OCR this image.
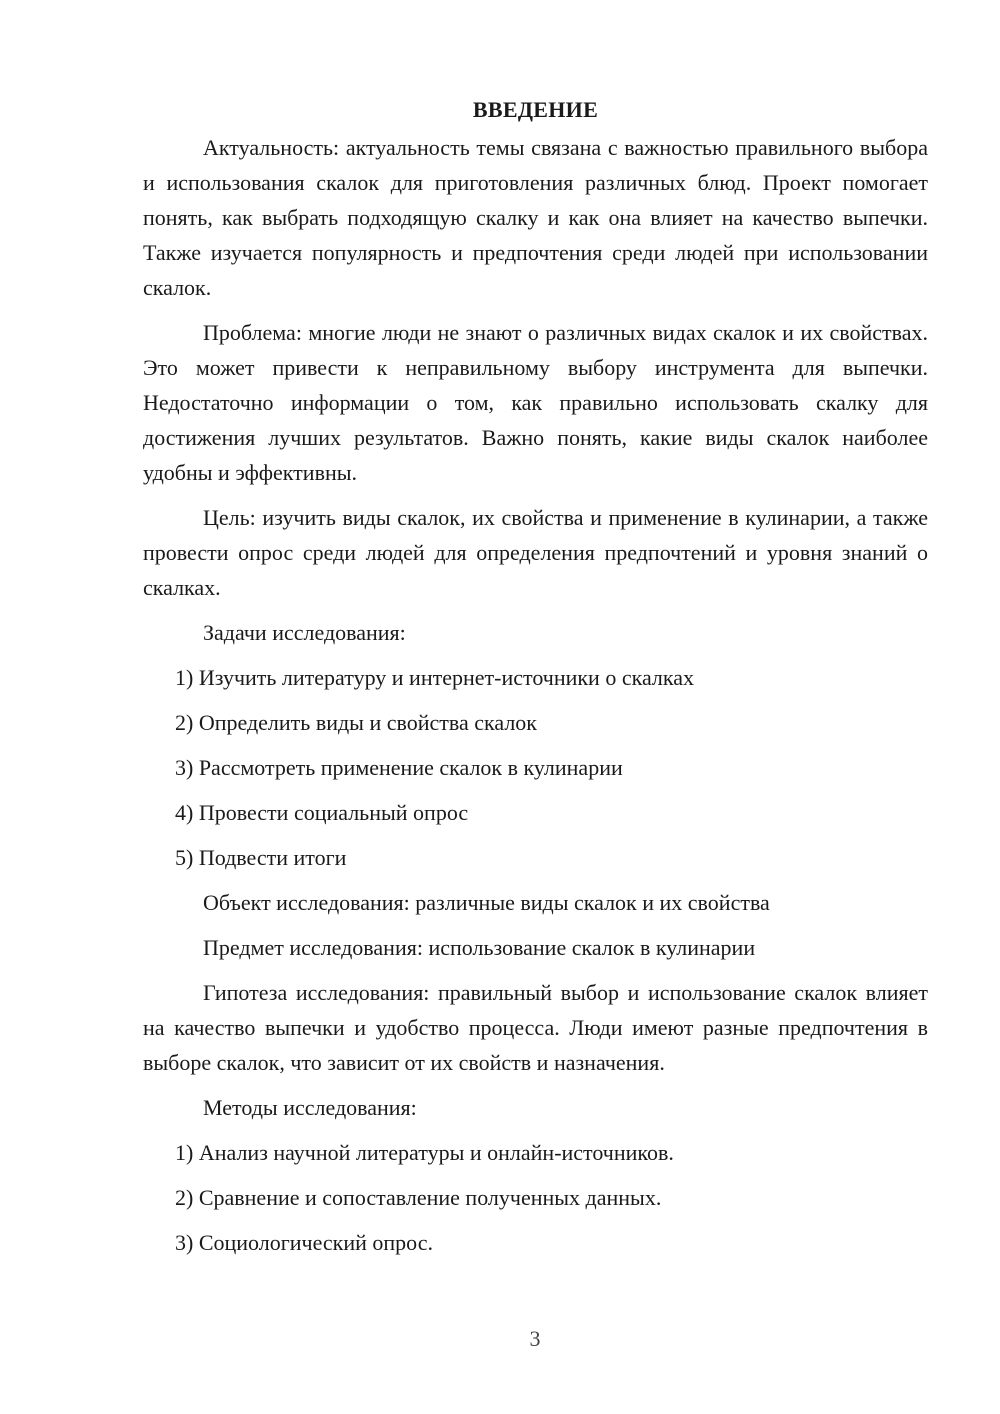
ВВЕДЕНИЕ

Актуальность: актуальность темы связана с важностью правильного выбора и использования скалок для приготовления различных блюд. Проект помогает понять, как выбрать подходящую скалку и как она влияет на качество выпечки. Также изучается популярность и предпочтения среди людей при использовании скалок.

Проблема: многие люди не знают о различных видах скалок и их свойствах. Это может привести к неправильному выбору инструмента для выпечки. Недостаточно информации о том, как правильно использовать скалку для достижения лучших результатов. Важно понять, какие виды скалок наиболее удобны и эффективны.

Цель: изучить виды скалок, их свойства и применение в кулинарии, а также провести опрос среди людей для определения предпочтений и уровня знаний о скалках.

Задачи исследования:
1) Изучить литературу и интернет-источники о скалках
2) Определить виды и свойства скалок
3) Рассмотреть применение скалок в кулинарии
4) Провести социальный опрос
5) Подвести итоги
Объект исследования: различные виды скалок и их свойства
Предмет исследования: использование скалок в кулинарии

Гипотеза исследования: правильный выбор и использование скалок влияет на качество выпечки и удобство процесса. Люди имеют разные предпочтения в выборе скалок, что зависит от их свойств и назначения.

Методы исследования:
1) Анализ научной литературы и онлайн-источников.
2) Сравнение и сопоставление полученных данных.
3) Социологический опрос.
3
